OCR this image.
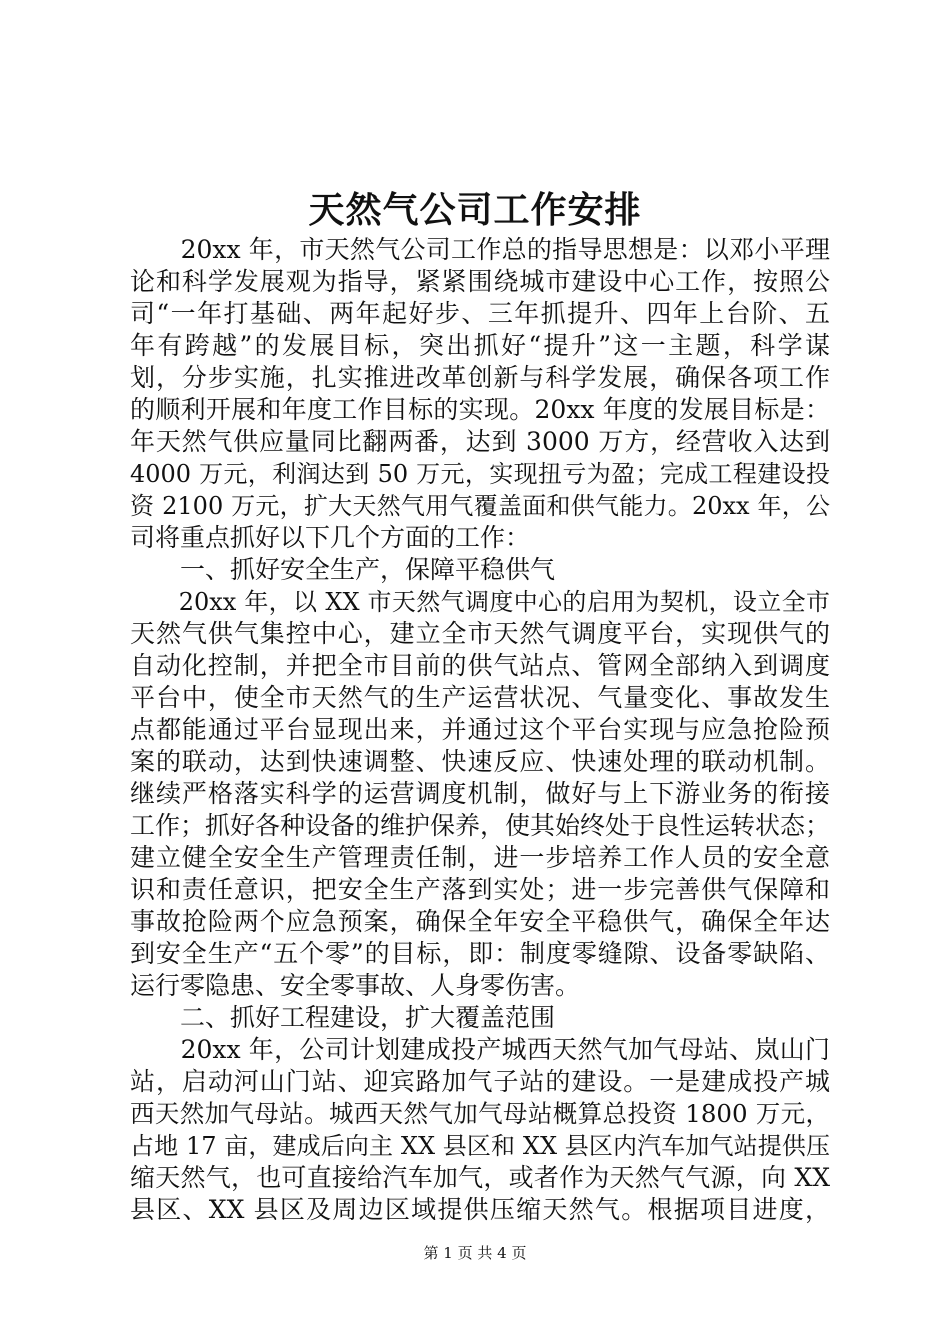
天然气公司工作安排
　　20xx 年，市天然气公司工作总的指导思想是：以邓小平理
论和科学发展观为指导，紧紧围绕城市建设中心工作，按照公
司“一年打基础、两年起好步、三年抓提升、四年上台阶、五
年有跨越”的发展目标，突出抓好“提升”这一主题，科学谋
划，分步实施，扎实推进改革创新与科学发展，确保各项工作
的顺利开展和年度工作目标的实现。20xx 年度的发展目标是：
年天然气供应量同比翻两番，达到 3000 万方，经营收入达到
4000 万元，利润达到 50 万元，实现扭亏为盈；完成工程建设投
资 2100 万元，扩大天然气用气覆盖面和供气能力。20xx 年，公
司将重点抓好以下几个方面的工作：
　　一、抓好安全生产，保障平稳供气
　　20xx 年，以 XX 市天然气调度中心的启用为契机，设立全市
天然气供气集控中心，建立全市天然气调度平台，实现供气的
自动化控制，并把全市目前的供气站点、管网全部纳入到调度
平台中，使全市天然气的生产运营状况、气量变化、事故发生
点都能通过平台显现出来，并通过这个平台实现与应急抢险预
案的联动，达到快速调整、快速反应、快速处理的联动机制。
继续严格落实科学的运营调度机制，做好与上下游业务的衔接
工作；抓好各种设备的维护保养，使其始终处于良性运转状态；
建立健全安全生产管理责任制，进一步培养工作人员的安全意
识和责任意识，把安全生产落到实处；进一步完善供气保障和
事故抢险两个应急预案，确保全年安全平稳供气，确保全年达
到安全生产“五个零”的目标，即：制度零缝隙、设备零缺陷、
运行零隐患、安全零事故、人身零伤害。
　　二、抓好工程建设，扩大覆盖范围
　　20xx 年，公司计划建成投产城西天然气加气母站、岚山门
站，启动河山门站、迎宾路加气子站的建设。一是建成投产城
西天然加气母站。城西天然气加气母站概算总投资 1800 万元，
占地 17 亩，建成后向主 XX 县区和 XX 县区内汽车加气站提供压
缩天然气，也可直接给汽车加气，或者作为天然气气源，向 XX
县区、XX 县区及周边区域提供压缩天然气。根据项目进度，
第 1 页 共 4 页
